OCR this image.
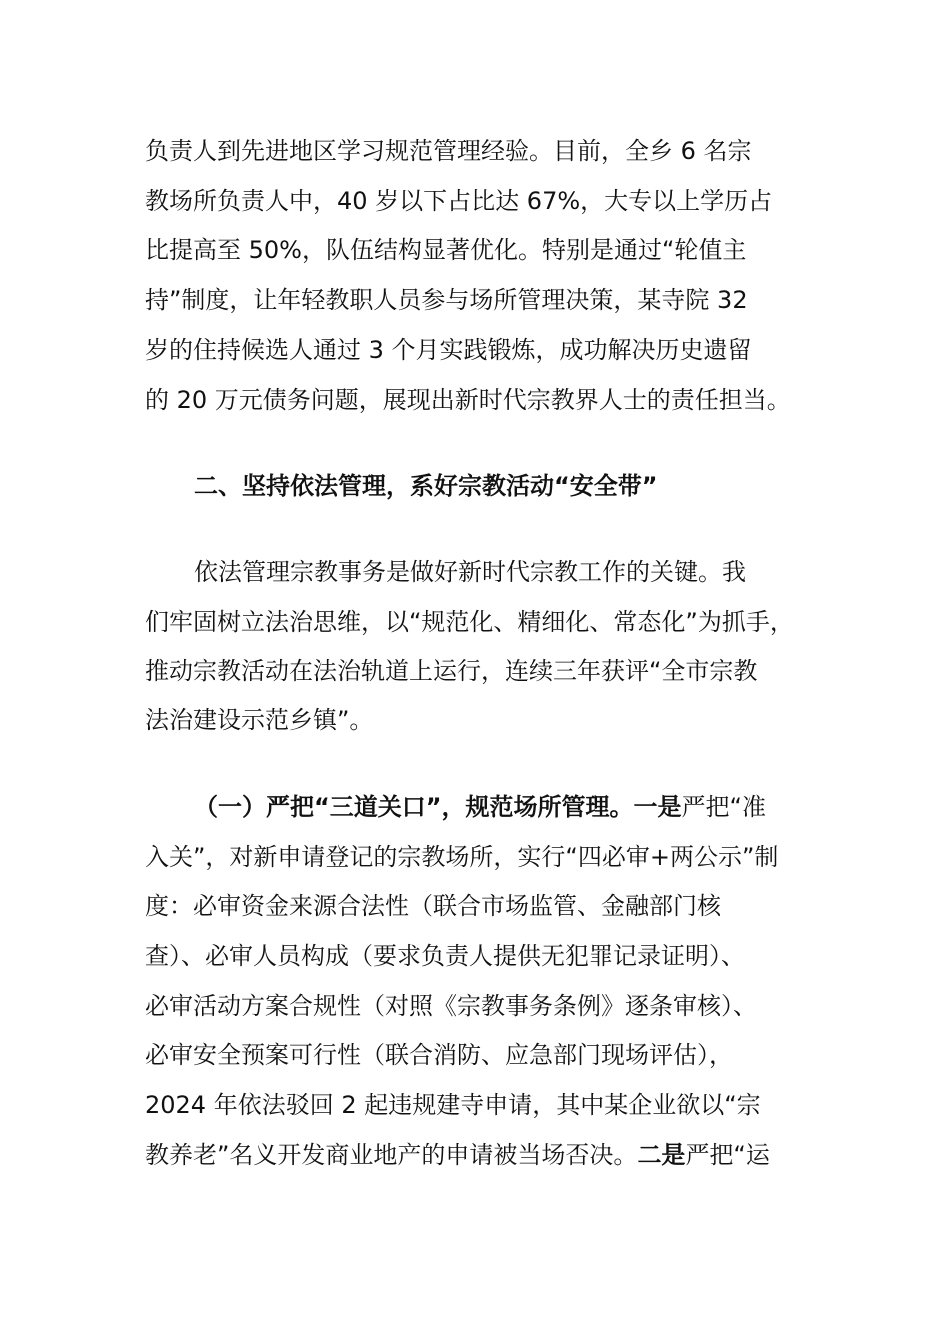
负责人到先进地区学习规范管理经验。目前，全乡 6 名宗
教场所负责人中，40 岁以下占比达 67%，大专以上学历占
比提高至 50%，队伍结构显著优化。特别是通过“轮值主
持”制度，让年轻教职人员参与场所管理决策，某寺院 32
岁的住持候选人通过 3 个月实践锻炼，成功解决历史遗留
的 20 万元债务问题，展现出新时代宗教界人士的责任担当。
二、坚持依法管理，系好宗教活动“安全带”
依法管理宗教事务是做好新时代宗教工作的关键。我
们牢固树立法治思维，以“规范化、精细化、常态化”为抓手，
推动宗教活动在法治轨道上运行，连续三年获评“全市宗教
法治建设示范乡镇”。
（一）严把“三道关口”，规范场所管理。一是严把“准
入关”，对新申请登记的宗教场所，实行“四必审+两公示”制
度：必审资金来源合法性（联合市场监管、金融部门核
查）、必审人员构成（要求负责人提供无犯罪记录证明）、
必审活动方案合规性（对照《宗教事务条例》逐条审核）、
必审安全预案可行性（联合消防、应急部门现场评估），
2024 年依法驳回 2 起违规建寺申请，其中某企业欲以“宗
教养老”名义开发商业地产的申请被当场否决。二是严把“运
